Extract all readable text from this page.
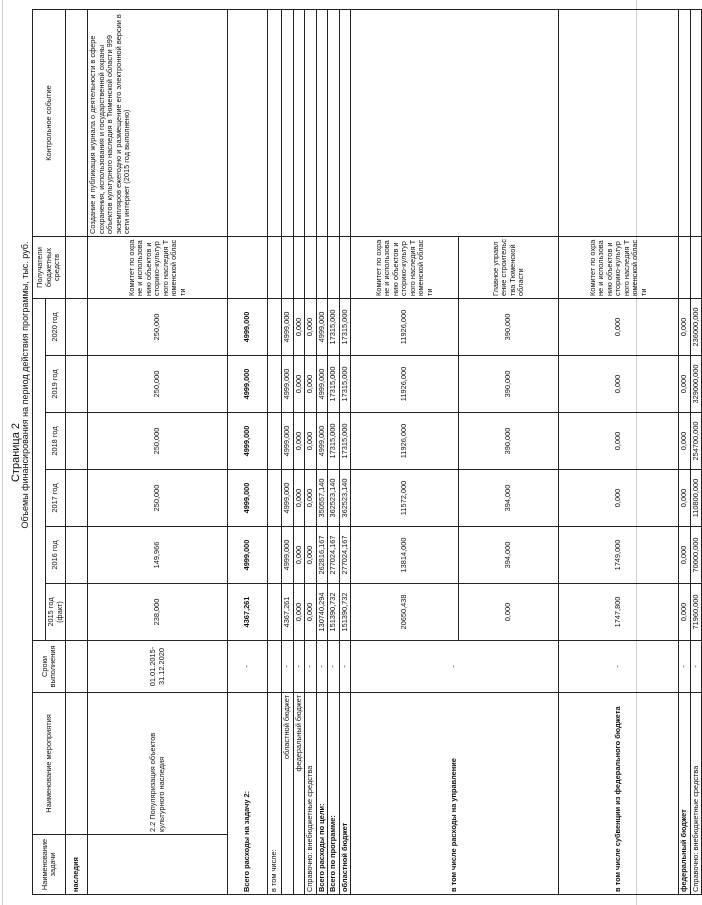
Страница 2
Объемы финансирования на период действия программы, тыс. руб.
Наименование задачи	Наименование мероприятия	Сроки выполнения							Получатели бюджетных средств	Контрольное событие
			2015 год (факт)	2016 год	2017 год	2018 год	2019 год	2020 год		
наследия										
	2.2 Популяризация объектов культурного наследия	01.01.2015-31.12.2020	238,000	149,966	250,000	250,000	250,000	250,000	Комитет по охране и использованию объектов историко-культурного наследия Тюменской области	Создание и публикация журнала о деятельности в сфере сохранения, использования и государственной охраны объектов культурного наследия в Тюменской области 999 экземпляров ежегодно и размещение его электронной версии в сети интернет (2015 год выполнено)
Всего расходы на задачу 2:		-	4367,261	4999,000	4999,000	4999,000	4999,000	4999,000		
в том числе:										
областной бюджет		-	4367,261	4999,000	4999,000	4999,000	4999,000	4999,000		
федеральный бюджет		-	0,000	0,000	0,000	0,000	0,000	0,000		
Справочно: внебюджетные средства		-	0,000	0,000	0,000	0,000	0,000	0,000		
Всего расходы по цели:		-	130740,294	262816,167	350557,140	4999,000	4999,000	4999,000		
Всего по программе:		-	151390,732	277024,167	362523,140	17315,000	17315,000	17315,000		
областной бюджет		-	151390,732	277024,167	362523,140	17315,000	17315,000	17315,000		
в том числе расходы на управление		-	20650,438	13814,000	11572,000	11926,000	11926,000	11926,000	Комитет по охране и использованию объектов историко-культурного наследия Тюменской области	
			0,000	394,000	394,000	390,000	390,000	390,000	Главное управление строительства Тюменской области	
в том числе субвенции из федерального бюджета		-	1747,800	1749,000	0,000	0,000	0,000	0,000	Комитет по охране и использованию объектов историко-культурного наследия Тюменской области	
федеральный бюджет		-	0,000	0,000	0,000	0,000	0,000	0,000		
Справочно: внебюджетные средства		-	71960,000	70000,000	110800,000	254700,000	329000,000	236000,000		
